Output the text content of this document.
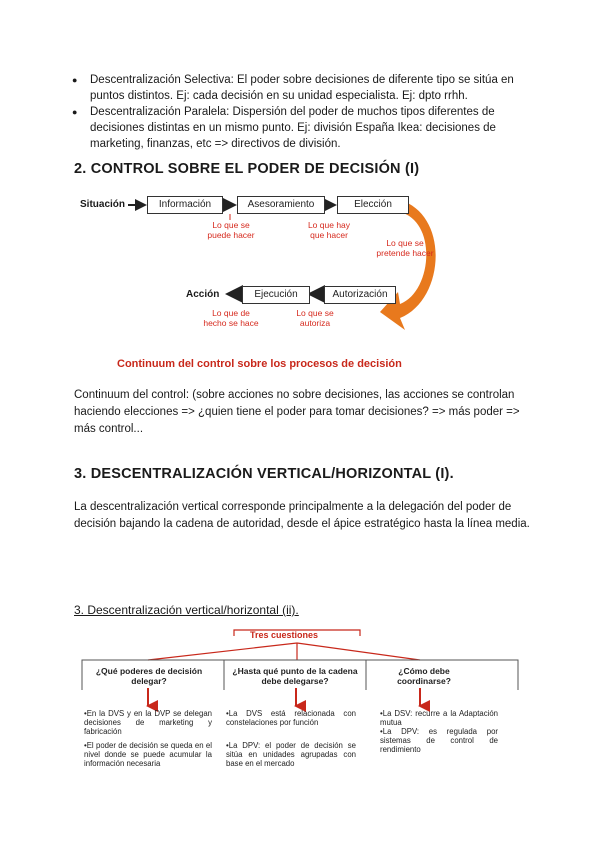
● Descentralización Selectiva: El poder sobre decisiones de diferente tipo se sitúa en puntos distintos. Ej: cada decisión en su unidad especialista. Ej: dpto rrhh.
● Descentralización Paralela: Dispersión del poder de muchos tipos diferentes de decisiones distintas en un mismo punto. Ej: división España Ikea: decisiones de marketing, finanzas, etc => directivos de división.
2. CONTROL SOBRE EL PODER DE DECISIÓN (I)
Situación	Información	Asesoramiento	Elección
Lo que se
puede hacer
Lo que hay
que hacer
Lo que se
pretende hacer
Autorización
Ejecución
Acción
Lo que de
hecho se hace
Lo que se
autoriza
Continuum del control sobre los procesos de decisión
Continuum del control: (sobre acciones no sobre decisiones, las acciones se controlan haciendo elecciones => ¿quien tiene el poder para tomar decisiones? => más poder => más control...
3. DESCENTRALIZACIÓN VERTICAL/HORIZONTAL (I).
La descentralización vertical corresponde principalmente a la delegación del poder de decisión bajando la cadena de autoridad, desde el ápice estratégico hasta la línea media.
3. Descentralización vertical/horizontal (ii).
Tres cuestiones
¿Qué poderes de decisión delegar?
¿Hasta qué punto de la cadena debe delegarse?
¿Cómo debe coordinarse?
•En la DVS y en la DVP se delegan decisiones de marketing y fabricación
•El poder de decisión se queda en el nivel donde se puede acumular la información necesaria
•La DVS está relacionada con constelaciones por función
•La DPV: el poder de decisión se sitúa en unidades agrupadas con base en el mercado
•La DSV: recurre a la Adaptación mutua
•La DPV: es regulada por sistemas de control de rendimiento
